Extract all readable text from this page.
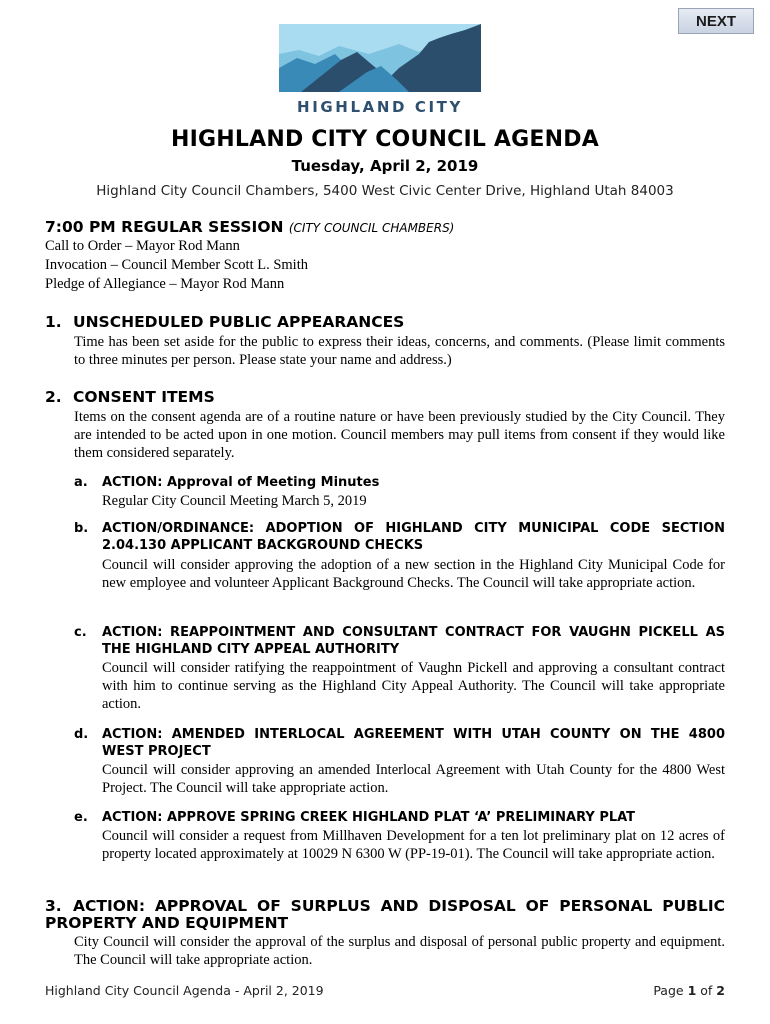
NEXT
HIGHLAND CITY
HIGHLAND CITY COUNCIL AGENDA
Tuesday, April 2, 2019
Highland City Council Chambers, 5400 West Civic Center Drive, Highland Utah 84003
7:00 PM REGULAR SESSION (CITY COUNCIL CHAMBERS)
Call to Order – Mayor Rod Mann
Invocation – Council Member Scott L. Smith
Pledge of Allegiance – Mayor Rod Mann
1. UNSCHEDULED PUBLIC APPEARANCES
Time has been set aside for the public to express their ideas, concerns, and comments. (Please limit comments to three minutes per person. Please state your name and address.)
2. CONSENT ITEMS
Items on the consent agenda are of a routine nature or have been previously studied by the City Council. They are intended to be acted upon in one motion. Council members may pull items from consent if they would like them considered separately.
a. ACTION: Approval of Meeting Minutes
Regular City Council Meeting March 5, 2019
b. ACTION/ORDINANCE: ADOPTION OF HIGHLAND CITY MUNICIPAL CODE SECTION 2.04.130 APPLICANT BACKGROUND CHECKS
Council will consider approving the adoption of a new section in the Highland City Municipal Code for new employee and volunteer Applicant Background Checks. The Council will take appropriate action.
c. ACTION: REAPPOINTMENT AND CONSULTANT CONTRACT FOR VAUGHN PICKELL AS THE HIGHLAND CITY APPEAL AUTHORITY
Council will consider ratifying the reappointment of Vaughn Pickell and approving a consultant contract with him to continue serving as the Highland City Appeal Authority. The Council will take appropriate action.
d. ACTION: AMENDED INTERLOCAL AGREEMENT WITH UTAH COUNTY ON THE 4800 WEST PROJECT
Council will consider approving an amended Interlocal Agreement with Utah County for the 4800 West Project. The Council will take appropriate action.
e. ACTION: APPROVE SPRING CREEK HIGHLAND PLAT ‘A’ PRELIMINARY PLAT
Council will consider a request from Millhaven Development for a ten lot preliminary plat on 12 acres of property located approximately at 10029 N 6300 W (PP-19-01). The Council will take appropriate action.
3. ACTION: APPROVAL OF SURPLUS AND DISPOSAL OF PERSONAL PUBLIC PROPERTY AND EQUIPMENT
City Council will consider the approval of the surplus and disposal of personal public property and equipment. The Council will take appropriate action.
Highland City Council Agenda - April 2, 2019	Page 1 of 2
